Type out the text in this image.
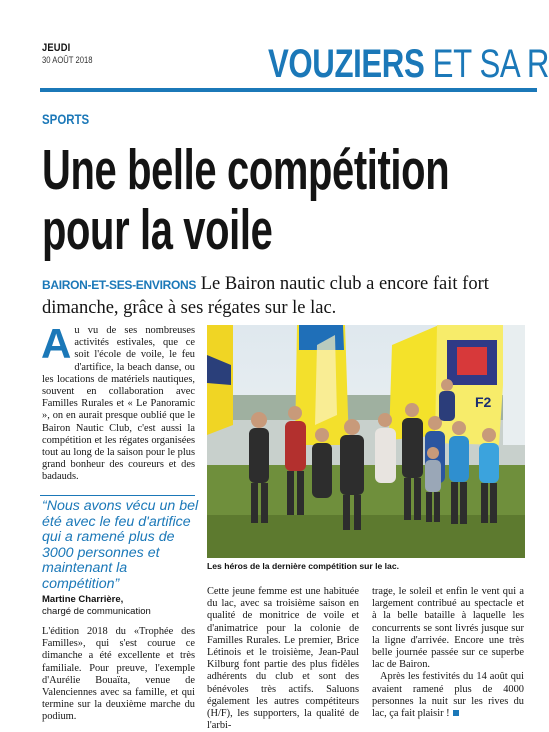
JEUDI
30 AOÛT 2018	VOUZIERS ET SA R
SPORTS
Une belle compétition
pour la voile
BAIRON-ET-SES-ENVIRONS Le Bairon nautic club a encore fait fort dimanche, grâce à ses régates sur le lac.
Au vu de ses nombreuses activités estivales, que ce soit l'école de voile, le feu d'artifice, la beach danse, ou les locations de matériels nautiques, souvent en collaboration avec Familles Rurales et « Le Panoramic », on en aurait presque oublié que le Bairon Nautic Club, c'est aussi la compétition et les régates organisées tout au long de la saison pour le plus grand bonheur des coureurs et des badauds.
“Nous avons vécu un bel été avec le feu d'artifice qui a ramené plus de 3000 personnes et maintenant la compétition”
Martine Charrière,
chargé de communication
L'édition 2018 du «Trophée des Familles», qui s'est courue ce dimanche a été excellente et très familiale. Pour preuve, l'exemple d'Aurélie Bouaïta, venue de Valenciennes avec sa famille, et qui termine sur la deuxième marche du podium.
F2
Les héros de la dernière compétition sur le lac.
Cette jeune femme est une habituée du lac, avec sa troisième saison en qualité de monitrice de voile et d'animatrice pour la colonie de Familles Rurales. Le premier, Brice Létinois et le troisième, Jean-Paul Kilburg font partie des plus fidèles adhérents du club et sont des bénévoles très actifs. Saluons également les autres compétiteurs (H/F), les supporters, la qualité de l'arbi-
trage, le soleil et enfin le vent qui a largement contribué au spectacle et à la belle bataille à laquelle les concurrents se sont livrés jusque sur la ligne d'arrivée. Encore une très belle journée passée sur ce superbe lac de Bairon.
Après les festivités du 14 août qui avaient ramené plus de 4000 personnes la nuit sur les rives du lac, ça fait plaisir !
